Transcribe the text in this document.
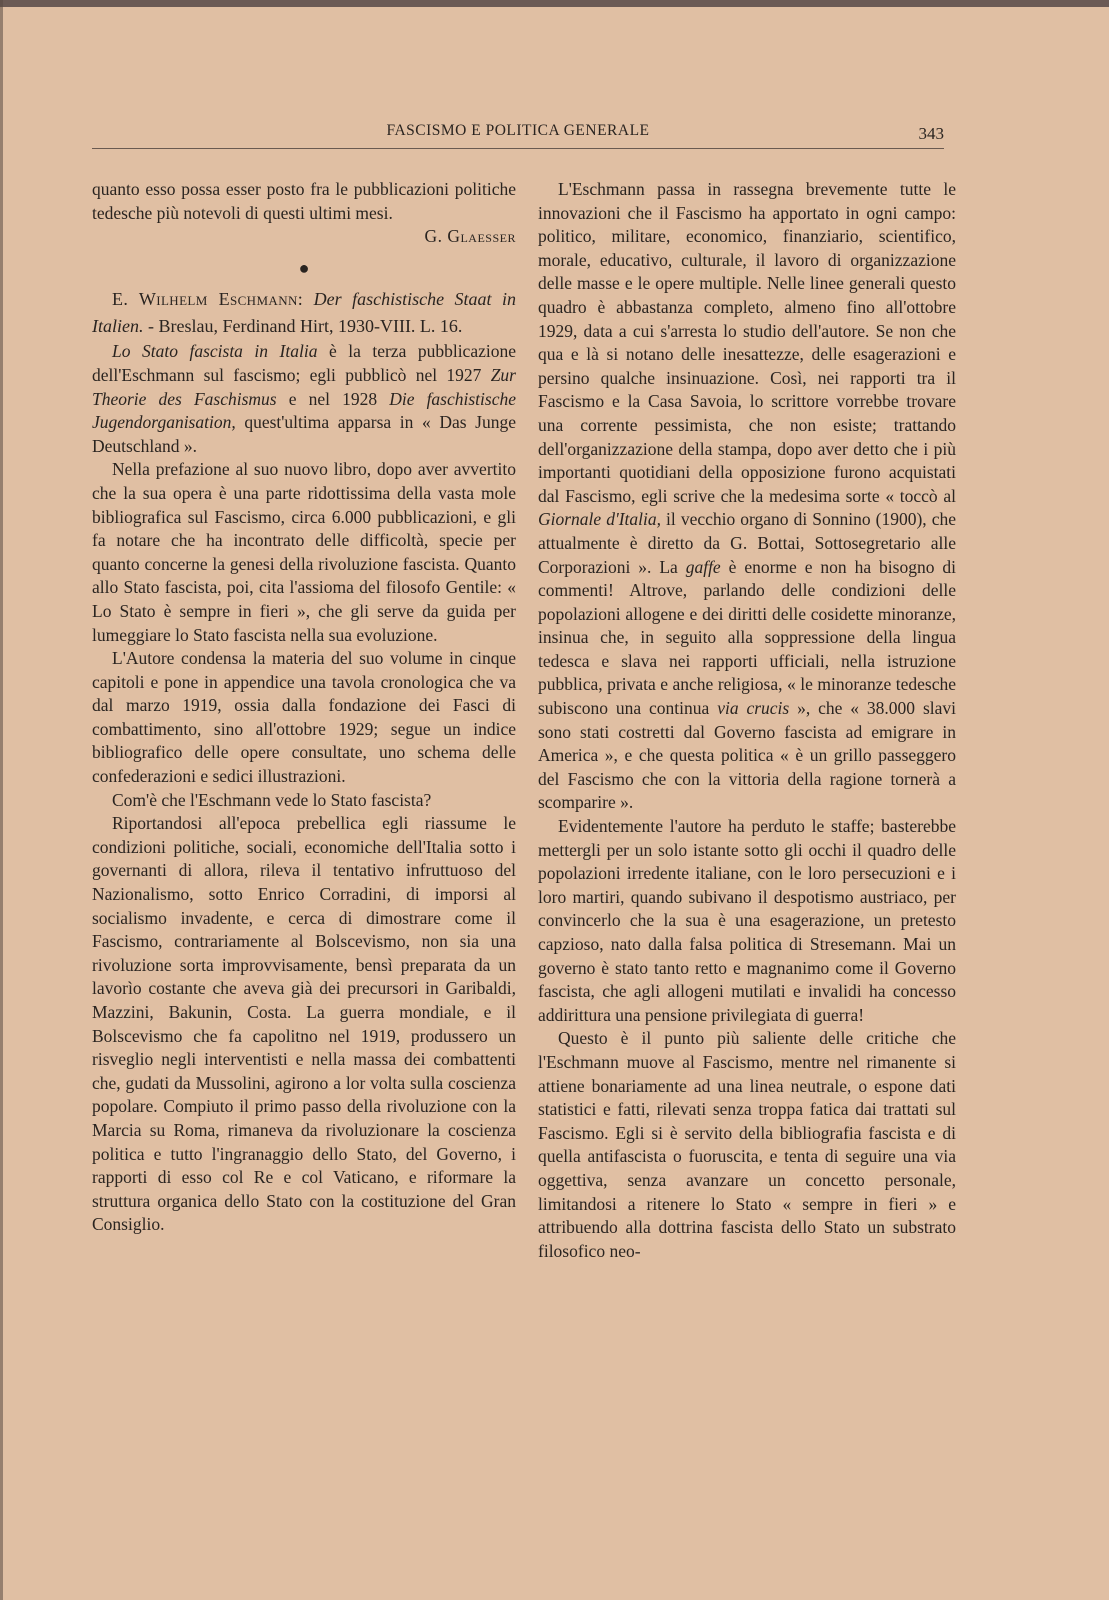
FASCISMO E POLITICA GENERALE	343

quanto esso possa esser posto fra le pubblicazioni politiche tedesche più notevoli di questi ultimi mesi.

G. Glaesser

●

E. Wilhelm Eschmann: Der faschistische Staat in Italien. - Breslau, Ferdinand Hirt, 1930-VIII. L. 16.

Lo Stato fascista in Italia è la terza pubblicazione dell'Eschmann sul fascismo; egli pubblicò nel 1927 Zur Theorie des Faschismus e nel 1928 Die faschistische Jugendorganisation, quest'ultima apparsa in « Das Junge Deutschland ».

Nella prefazione al suo nuovo libro, dopo aver avvertito che la sua opera è una parte ridottissima della vasta mole bibliografica sul Fascismo, circa 6.000 pubblicazioni, e gli fa notare che ha incontrato delle difficoltà, specie per quanto concerne la genesi della rivoluzione fascista. Quanto allo Stato fascista, poi, cita l'assioma del filosofo Gentile: « Lo Stato è sempre in fieri », che gli serve da guida per lumeggiare lo Stato fascista nella sua evoluzione.

L'Autore condensa la materia del suo volume in cinque capitoli e pone in appendice una tavola cronologica che va dal marzo 1919, ossia dalla fondazione dei Fasci di combattimento, sino all'ottobre 1929; segue un indice bibliografico delle opere consultate, uno schema delle confederazioni e sedici illustrazioni.

Com'è che l'Eschmann vede lo Stato fascista?

Riportandosi all'epoca prebellica egli riassume le condizioni politiche, sociali, economiche dell'Italia sotto i governanti di allora, rileva il tentativo infruttuoso del Nazionalismo, sotto Enrico Corradini, di imporsi al socialismo invadente, e cerca di dimostrare come il Fascismo, contrariamente al Bolscevismo, non sia una rivoluzione sorta improvvisamente, bensì preparata da un lavorìo costante che aveva già dei precursori in Garibaldi, Mazzini, Bakunin, Costa. La guerra mondiale, e il Bolscevismo che fa capolitno nel 1919, produssero un risveglio negli interventisti e nella massa dei combattenti che, gudati da Mussolini, agirono a lor volta sulla coscienza popolare. Compiuto il primo passo della rivoluzione con la Marcia su Roma, rimaneva da rivoluzionare la coscienza politica e tutto l'ingranaggio dello Stato, del Governo, i rapporti di esso col Re e col Vaticano, e riformare la struttura organica dello Stato con la costituzione del Gran Consiglio.

L'Eschmann passa in rassegna brevemente tutte le innovazioni che il Fascismo ha apportato in ogni campo: politico, militare, economico, finanziario, scientifico, morale, educativo, culturale, il lavoro di organizzazione delle masse e le opere multiple. Nelle linee generali questo quadro è abbastanza completo, almeno fino all'ottobre 1929, data a cui s'arresta lo studio dell'autore. Se non che qua e là si notano delle inesattezze, delle esagerazioni e persino qualche insinuazione. Così, nei rapporti tra il Fascismo e la Casa Savoia, lo scrittore vorrebbe trovare una corrente pessimista, che non esiste; trattando dell'organizzazione della stampa, dopo aver detto che i più importanti quotidiani della opposizione furono acquistati dal Fascismo, egli scrive che la medesima sorte « toccò al Giornale d'Italia, il vecchio organo di Sonnino (1900), che attualmente è diretto da G. Bottai, Sottosegretario alle Corporazioni ». La gaffe è enorme e non ha bisogno di commenti! Altrove, parlando delle condizioni delle popolazioni allogene e dei diritti delle cosidette minoranze, insinua che, in seguito alla soppressione della lingua tedesca e slava nei rapporti ufficiali, nella istruzione pubblica, privata e anche religiosa, « le minoranze tedesche subiscono una continua via crucis », che « 38.000 slavi sono stati costretti dal Governo fascista ad emigrare in America », e che questa politica « è un grillo passeggero del Fascismo che con la vittoria della ragione tornerà a scomparire ».

Evidentemente l'autore ha perduto le staffe; basterebbe mettergli per un solo istante sotto gli occhi il quadro delle popolazioni irredente italiane, con le loro persecuzioni e i loro martiri, quando subivano il despotismo austriaco, per convincerlo che la sua è una esagerazione, un pretesto capzioso, nato dalla falsa politica di Stresemann. Mai un governo è stato tanto retto e magnanimo come il Governo fascista, che agli allogeni mutilati e invalidi ha concesso addirittura una pensione privilegiata di guerra!

Questo è il punto più saliente delle critiche che l'Eschmann muove al Fascismo, mentre nel rimanente si attiene bonariamente ad una linea neutrale, o espone dati statistici e fatti, rilevati senza troppa fatica dai trattati sul Fascismo. Egli si è servito della bibliografia fascista e di quella antifascista o fuoruscita, e tenta di seguire una via oggettiva, senza avanzare un concetto personale, limitandosi a ritenere lo Stato « sempre in fieri » e attribuendo alla dottrina fascista dello Stato un substrato filosofico neo-
